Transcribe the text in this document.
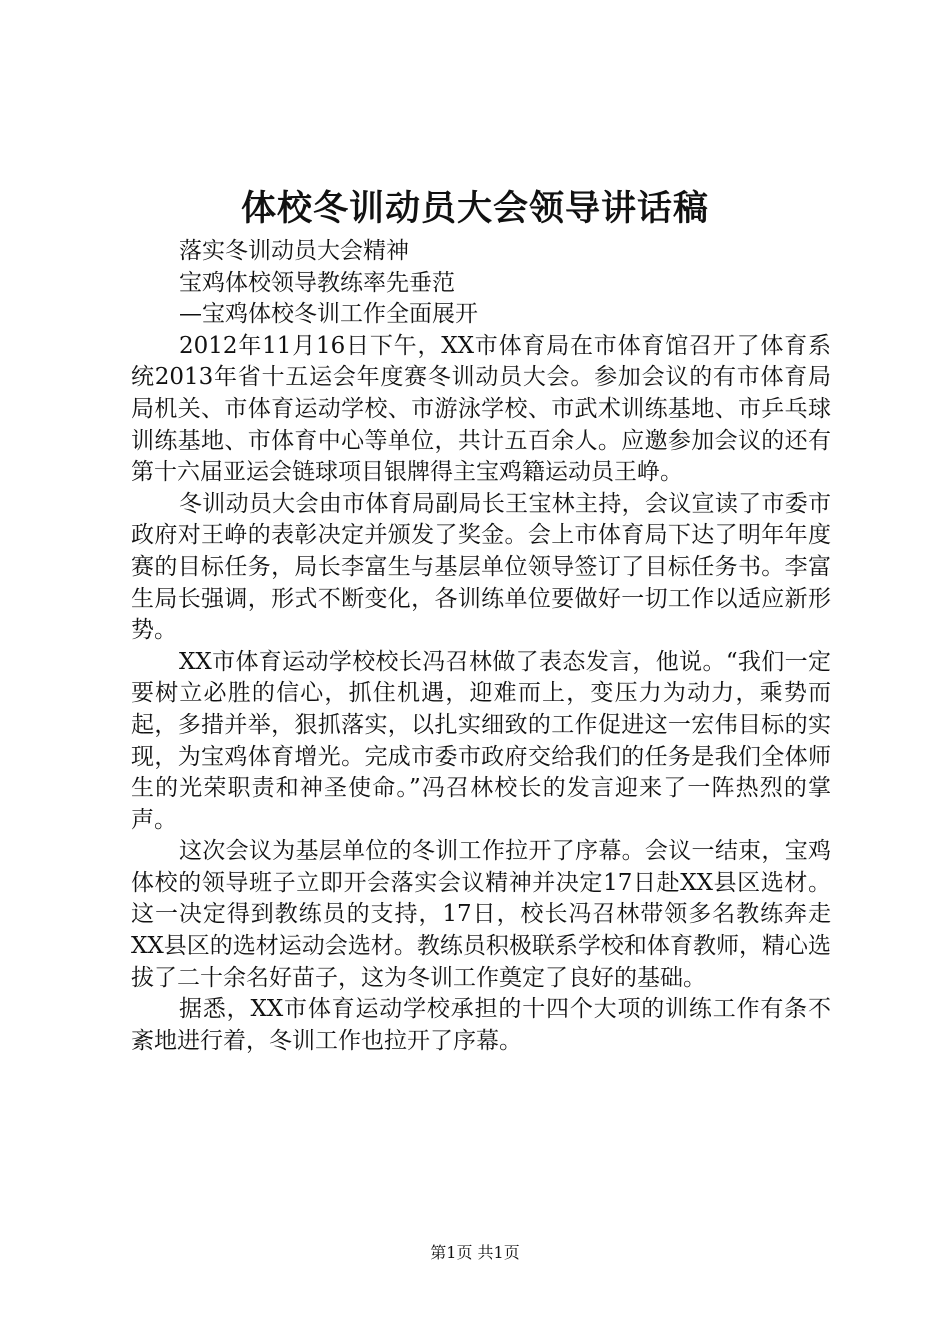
体校冬训动员大会领导讲话稿

落实冬训动员大会精神

宝鸡体校领导教练率先垂范

—宝鸡体校冬训工作全面展开

2012年11月16日下午，XX市体育局在市体育馆召开了体育系统2013年省十五运会年度赛冬训动员大会。参加会议的有市体育局局机关、市体育运动学校、市游泳学校、市武术训练基地、市乒乓球训练基地、市体育中心等单位，共计五百余人。应邀参加会议的还有第十六届亚运会链球项目银牌得主宝鸡籍运动员王峥。

冬训动员大会由市体育局副局长王宝林主持，会议宣读了市委市政府对王峥的表彰决定并颁发了奖金。会上市体育局下达了明年年度赛的目标任务，局长李富生与基层单位领导签订了目标任务书。李富生局长强调，形式不断变化，各训练单位要做好一切工作以适应新形势。

XX市体育运动学校校长冯召林做了表态发言，他说。“我们一定要树立必胜的信心，抓住机遇，迎难而上，变压力为动力，乘势而起，多措并举，狠抓落实，以扎实细致的工作促进这一宏伟目标的实现，为宝鸡体育增光。完成市委市政府交给我们的任务是我们全体师生的光荣职责和神圣使命。”冯召林校长的发言迎来了一阵热烈的掌声。

这次会议为基层单位的冬训工作拉开了序幕。会议一结束，宝鸡体校的领导班子立即开会落实会议精神并决定17日赴XX县区选材。这一决定得到教练员的支持，17日，校长冯召林带领多名教练奔走XX县区的选材运动会选材。教练员积极联系学校和体育教师，精心选拔了二十余名好苗子，这为冬训工作奠定了良好的基础。

据悉，XX市体育运动学校承担的十四个大项的训练工作有条不紊地进行着，冬训工作也拉开了序幕。

第1页 共1页
